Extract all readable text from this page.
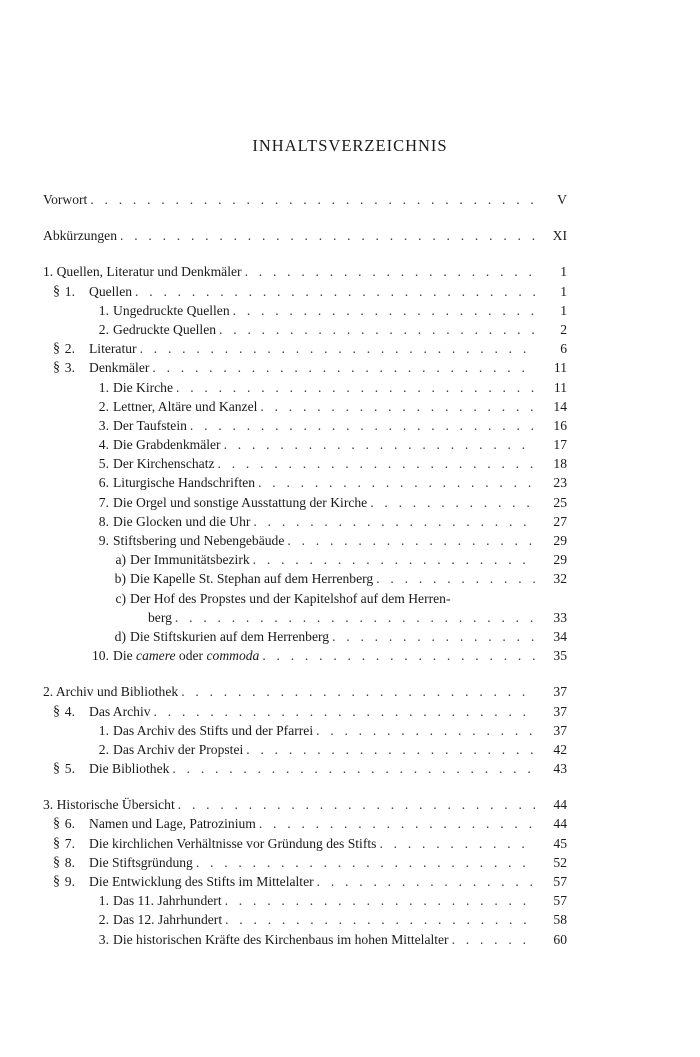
INHALTSVERZEICHNIS
Vorwort . . .	V
Abkürzungen . . .	XI
1. Quellen, Literatur und Denkmäler . . .	1
§ 1. Quellen . . .	1
1. Ungedruckte Quellen . . .	1
2. Gedruckte Quellen . . .	2
§ 2. Literatur . . .	6
§ 3. Denkmäler . . .	11
1. Die Kirche . . .	11
2. Lettner, Altäre und Kanzel . . .	14
3. Der Taufstein . . .	16
4. Die Grabdenkmäler . . .	17
5. Der Kirchenschatz . . .	18
6. Liturgische Handschriften . . .	23
7. Die Orgel und sonstige Ausstattung der Kirche . . .	25
8. Die Glocken und die Uhr . . .	27
9. Stiftsbering und Nebengebäude . . .	29
a) Der Immunitätsbezirk . . .	29
b) Die Kapelle St. Stephan auf dem Herrenberg . . .	32
c) Der Hof des Propstes und der Kapitelshof auf dem Herren-
berg . . .	33
d) Die Stiftskurien auf dem Herrenberg . . .	34
10. Die camere oder commoda . . .	35
2. Archiv und Bibliothek . . .	37
§ 4. Das Archiv . . .	37
1. Das Archiv des Stifts und der Pfarrei . . .	37
2. Das Archiv der Propstei . . .	42
§ 5. Die Bibliothek . . .	43
3. Historische Übersicht . . .	44
§ 6. Namen und Lage, Patrozinium . . .	44
§ 7. Die kirchlichen Verhältnisse vor Gründung des Stifts . . .	45
§ 8. Die Stiftsgründung . . .	52
§ 9. Die Entwicklung des Stifts im Mittelalter . . .	57
1. Das 11. Jahrhundert . . .	57
2. Das 12. Jahrhundert . . .	58
3. Die historischen Kräfte des Kirchenbaus im hohen Mittelalter . . .	60
